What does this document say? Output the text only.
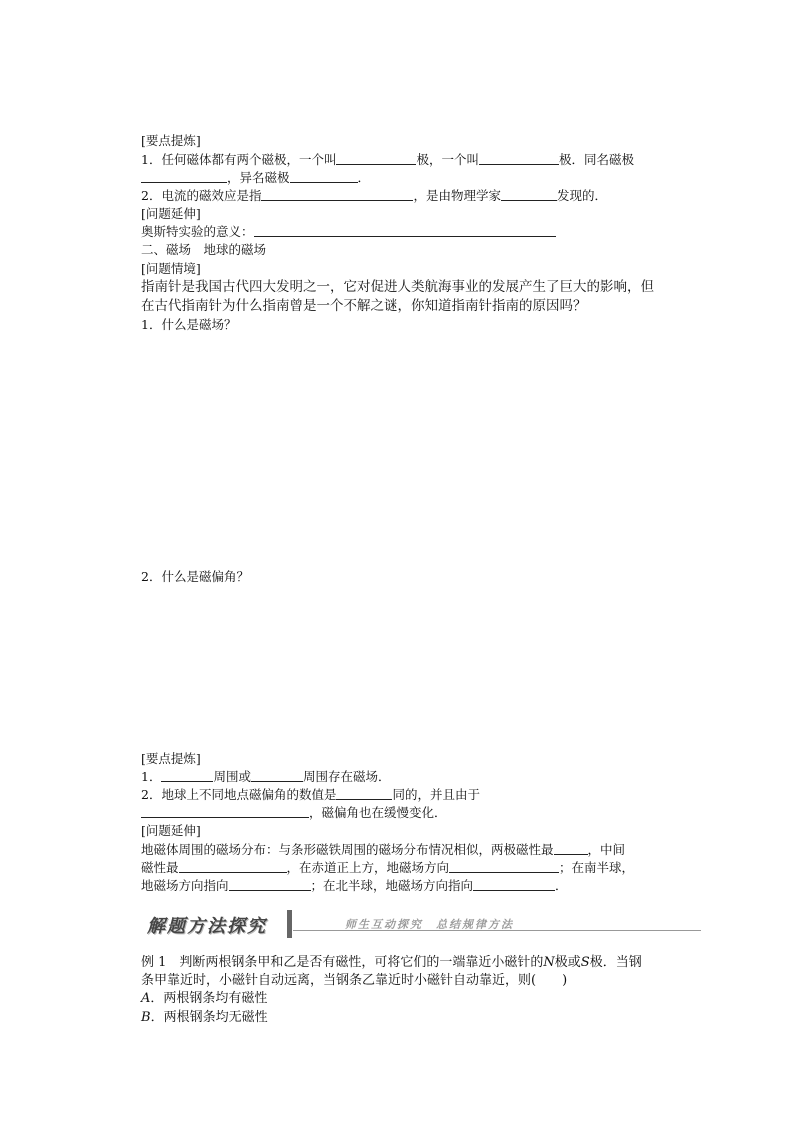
[要点提炼]
1．任何磁体都有两个磁极，一个叫	极，一个叫	极．同名磁极
，异名磁极	．
2．电流的磁效应是指	，是由物理学家	发现的．
[问题延伸]
奥斯特实验的意义：
二、磁场　地球的磁场
[问题情境]
指南针是我国古代四大发明之一，它对促进人类航海事业的发展产生了巨大的影响，但
在古代指南针为什么指南曾是一个不解之谜，你知道指南针指南的原因吗？
1．什么是磁场？
2．什么是磁偏角？
[要点提炼]
1．	周围或	周围存在磁场．
2．地球上不同地点磁偏角的数值是	同的，并且由于
，磁偏角也在缓慢变化．
[问题延伸]
地磁体周围的磁场分布：与条形磁铁周围的磁场分布情况相似，两极磁性最	，中间
磁性最	，在赤道正上方，地磁场方向	；在南半球，
地磁场方向指向	；在北半球，地磁场方向指向	．
解题方法探究	师生互动探究　总结规律方法
例 1　判断两根钢条甲和乙是否有磁性，可将它们的一端靠近小磁针的N极或S极．当钢
条甲靠近时，小磁针自动远离，当钢条乙靠近时小磁针自动靠近，则(　　)
A．两根钢条均有磁性
B．两根钢条均无磁性
